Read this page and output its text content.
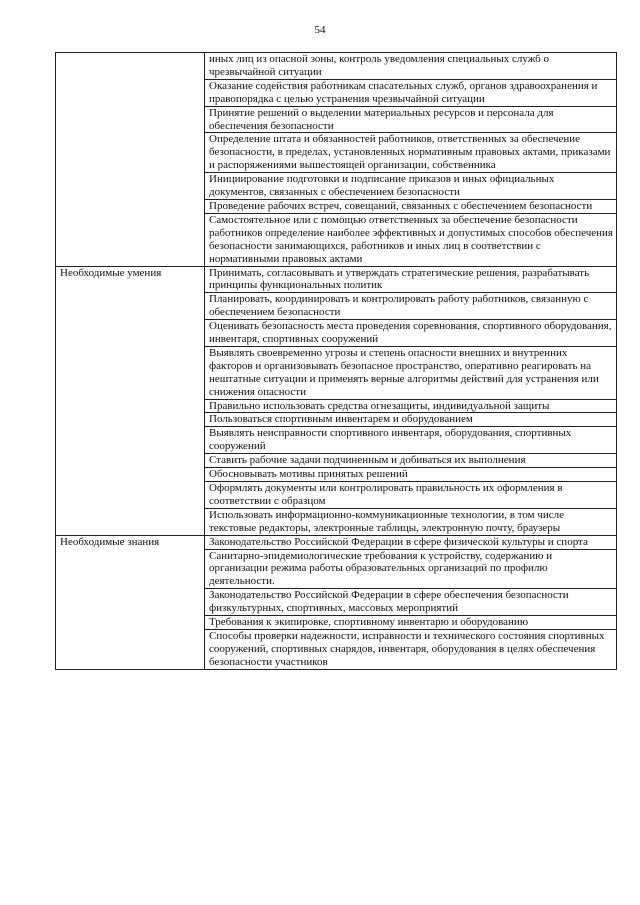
54
	иных лиц из опасной зоны, контроль уведомления специальных служб о чрезвычайной ситуации
	Оказание содействия работникам спасательных служб, органов здравоохранения и правопорядка с целью устранения чрезвычайной ситуации
	Принятие решений о выделении материальных ресурсов и персонала для обеспечения безопасности
	Определение штата и обязанностей работников, ответственных за обеспечение безопасности, в пределах, установленных нормативным правовых актами, приказами и распоряжениями вышестоящей организации, собственника
	Инициирование подготовки и подписание приказов и иных официальных документов, связанных с обеспечением безопасности
	Проведение рабочих встреч, совещаний, связанных с обеспечением безопасности
	Самостоятельное или с помощью ответственных за обеспечение безопасности работников определение наиболее эффективных и допустимых способов обеспечения безопасности занимающихся, работников и иных лиц в соответствии с нормативными правовых актами
Необходимые умения	Принимать, согласовывать и утверждать стратегические решения, разрабатывать принципы функциональных политик
	Планировать, координировать и контролировать работу работников, связанную с обеспечением безопасности
	Оценивать безопасность места проведения соревнования, спортивного оборудования, инвентаря, спортивных сооружений
	Выявлять своевременно угрозы и степень опасности внешних и внутренних факторов и организовывать безопасное пространство, оперативно реагировать на нештатные ситуации и применять верные алгоритмы действий для устранения или снижения опасности
	Правильно использовать средства огнезащиты, индивидуальной защиты
	Пользоваться спортивным инвентарем и оборудованием
	Выявлять неисправности спортивного инвентаря, оборудования, спортивных сооружений
	Ставить рабочие задачи подчиненным и добиваться их выполнения
	Обосновывать мотивы принятых решений
	Оформлять документы или контролировать правильность их оформления в соответствии с образцом
	Использовать информационно-коммуникационные технологии, в том числе текстовые редакторы, электронные таблицы, электронную почту, браузеры
Необходимые знания	Законодательство Российской Федерации в сфере физической культуры и спорта
	Санитарно-эпидемиологические требования к устройству, содержанию и организации режима работы образовательных организаций по профилю деятельности.
	Законодательство Российской Федерации в сфере обеспечения безопасности физкультурных, спортивных, массовых мероприятий
	Требования к экипировке, спортивному инвентарю и оборудованию
	Способы проверки надежности, исправности и технического состояния спортивных сооружений, спортивных снарядов, инвентаря, оборудования в целях обеспечения безопасности участников
